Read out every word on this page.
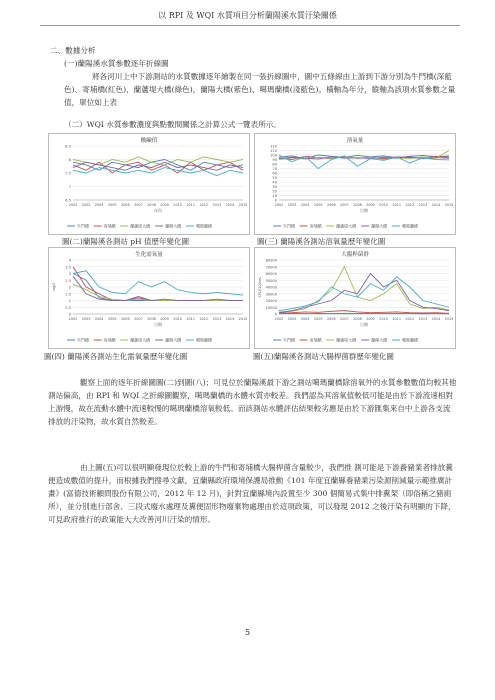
以 RPI 及 WQI 水質項目分析蘭陽溪水質汙染關係
二、數據分析
(一)蘭陽溪水質參數逐年折線圖
將各河川上中下游測站的水質數據逐年繪製在同一張折線圖中，圖中五條線由上游到下游分別為牛鬥橋(深藍色)、寄埔橋(紅色)、蘭蘆堤大橋(綠色)，蘭陽大橋(紫色)、噶瑪蘭橋(淺藍色)。橫軸為年分，縱軸為該項水質參數之量值，單位如上表
（二）WQI 水質參數濃度與點數間關係之計算公式一覽表所示。
酸鹼值
6.5
7
7.5
8
8.5
2002 2003 2004 2005 2006 2007 2008 2009 2010 2011 2012 2013 2014 2015
年份
牛鬥橋	寄埔橋	蘭蘆堤大橋	蘭陽大橋	噶瑪蘭橋
圖(二)蘭陽溪各測站 pH 值歷年變化圖
溶氧量
0
10
20
30
40
50
60
70
80
90
100
110
120
2002 2003 2004 2005 2006 2007 2008 2009 2010 2011 2012 2013 2014 2015
日期
牛鬥橋	寄埔橋	蘭蘆堤大橋	蘭陽大橋	噶瑪蘭橋
圖(三) 蘭陽溪各測站溶氧量歷年變化圖
生化需氧量
0
0.5
1
1.5
2
2.5
3
3.5
4
2002 2003 2004 2005 2006 2007 2008 2009 2010 2011 2012 2013 2014 2015
日期
mg/L
牛鬥橋	寄埔橋	蘭蘆堤大橋	蘭陽大橋	噶瑪蘭橋
圖(四) 蘭陽溪各測站生化需氧量歷年變化圖
大腸桿菌群
0
10000
20000
30000
40000
50000
60000
70000
80000
2002 2003 2004 2005 2006 2007 2008 2009 2010 2011 2012 2013 2014 2015
日期
CFU/100mL
牛鬥橋	寄埔橋	蘭蘆堤大橋	蘭陽大橋	噶瑪蘭橋
圖(五)蘭陽溪各測站大腸桿菌群歷年變化圖
觀察上面的逐年折線圖圖(二)到圖(八)；可見位於蘭陽溪最下游之測站噶瑪蘭橋除溶氧外的水質參數數值均較其他測站偏高，由 RPI 和 WQI 之折線圖觀察，噶瑪蘭橋的水體水質亦較差。我們認為其溶氧值較低可能是由於下游流速相對上游慢，故在流動水體中流速較慢的噶瑪蘭橋溶氧較低。而該測站水體評估結果較劣應是由於下游匯集來自中上游各支流排放的汙染物，故水質自然較差。
由上圖(五)可以很明顯發現位於較上游的牛鬥和寄埔橋大腸桿菌含量較少，我們推 測可能是下游養豬業者排放糞便造成數值的提升，而根據我們搜尋文獻，宜蘭縣政府環境保護局推動《101 年度宜蘭縣養豬業污染源削減量示範推廣計畫》(富德技術顧問股份有限公司，2012 年 12 月)，針對宜蘭縣境內設置至少 300 個簡易式集中排糞架（即俗稱之豬廁所），並分別進行部舍、三段式廢水處理及糞便固形物廢棄物處理由於這項政策，可以發現 2012 之後汙染有明顯的下降，可見政府推行的政策能大大改善河川汙染的情形。
5
